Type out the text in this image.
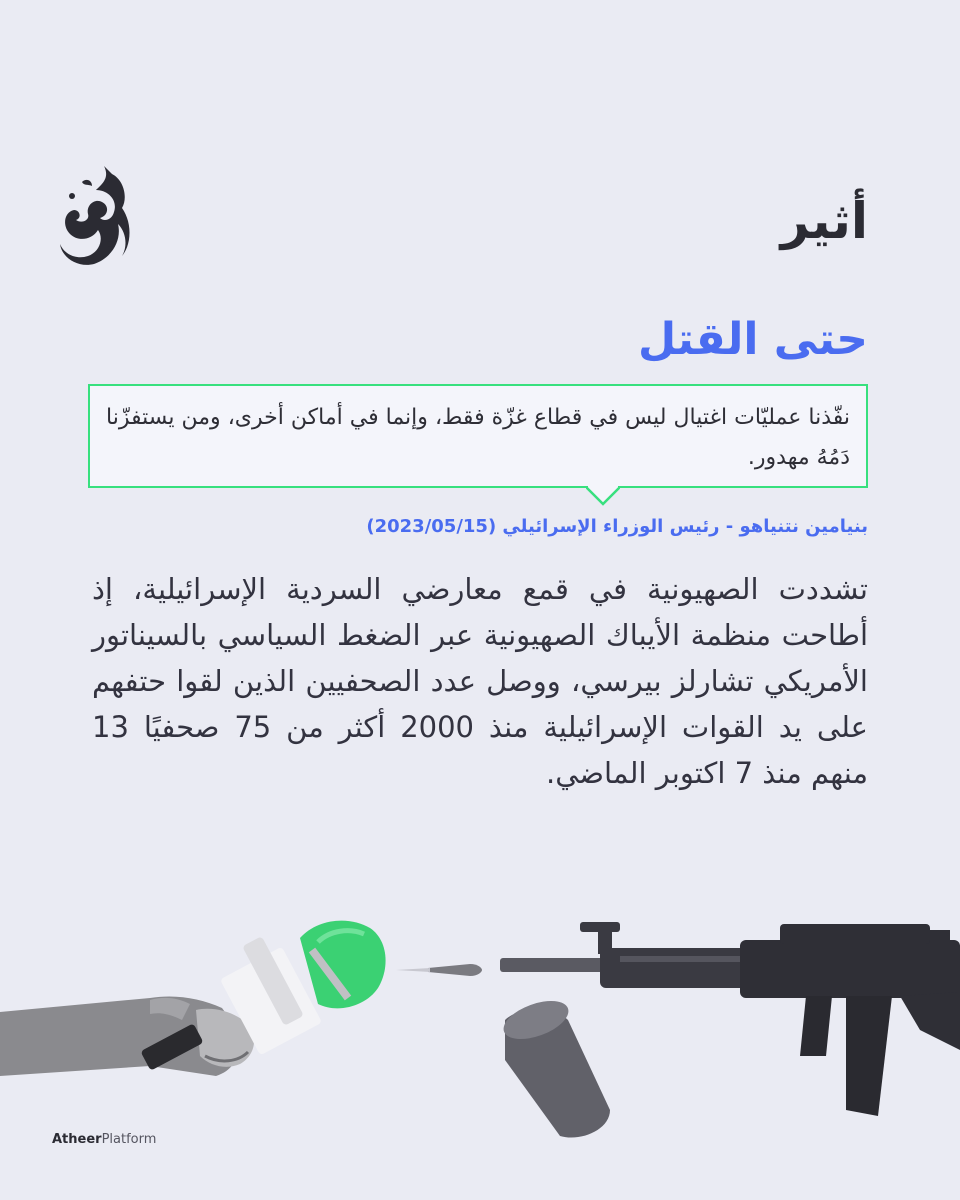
أثير
حتى القتل

نفّذنا عمليّات اغتيال ليس في قطاع غزّة فقط، وإنما في أماكن أخرى، ومن يستفزّنا دَمُهُ مهدور.

بنيامين نتنياهو - رئيس الوزراء الإسرائيلي (2023/05/15)

تشددت الصهيونية في قمع معارضي السردية الإسرائيلية، إذ أطاحت منظمة الأيباك الصهيونية عبر الضغط السياسي بالسيناتور الأمريكي تشارلز بيرسي، ووصل عدد الصحفيين الذين لقوا حتفهم على يد القوات الإسرائيلية منذ 2000 أكثر من 75 صحفيًا 13 منهم منذ 7 اكتوبر الماضي.

AtheerPlatform
